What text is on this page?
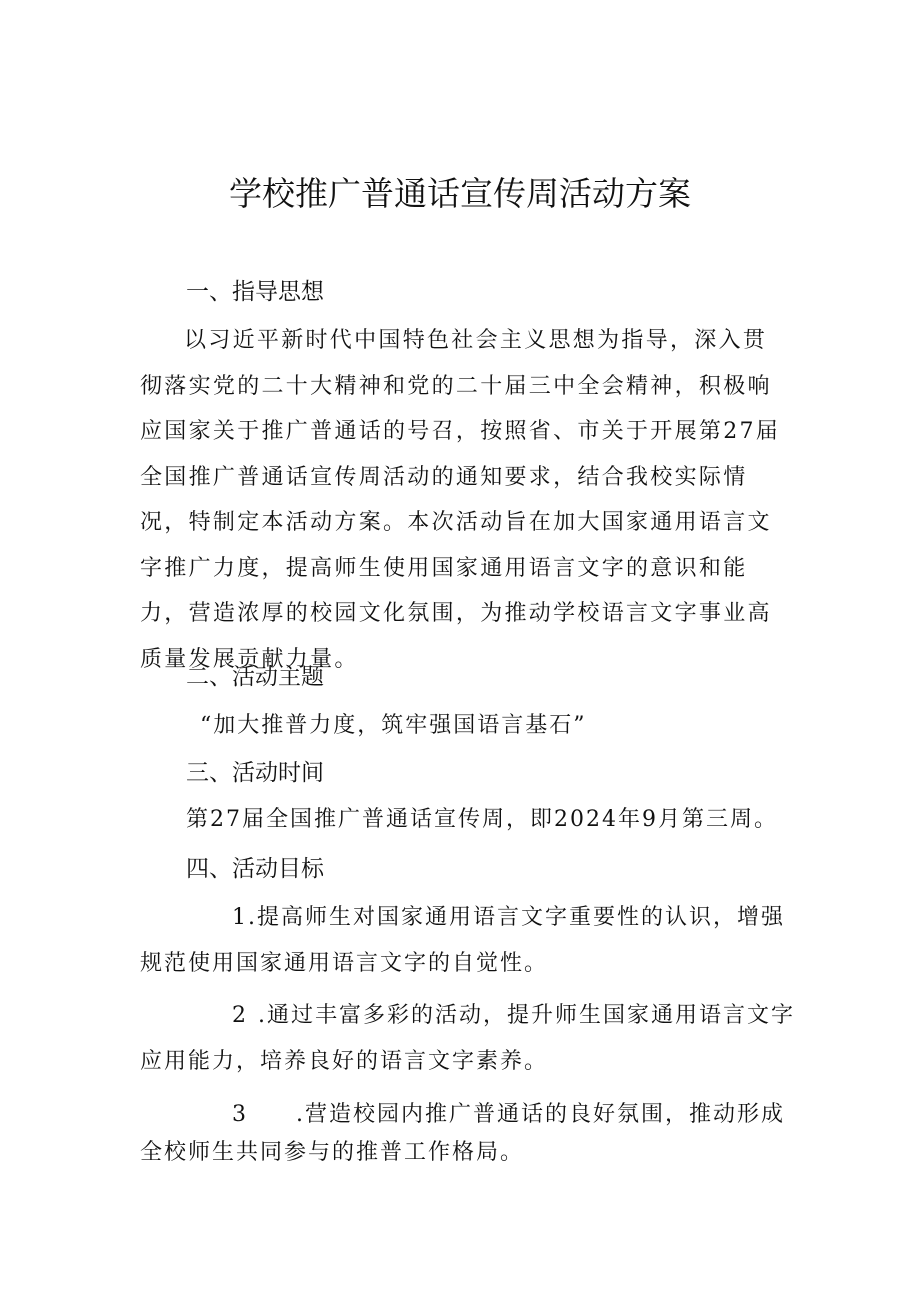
学校推广普通话宣传周活动方案
一、指导思想

以习近平新时代中国特色社会主义思想为指导，深入贯彻落实党的二十大精神和党的二十届三中全会精神，积极响应国家关于推广普通话的号召，按照省、市关于开展第27届全国推广普通话宣传周活动的通知要求，结合我校实际情况，特制定本活动方案。本次活动旨在加大国家通用语言文字推广力度，提高师生使用国家通用语言文字的意识和能力，营造浓厚的校园文化氛围，为推动学校语言文字事业高质量发展贡献力量。

二、活动主题
“加大推普力度，筑牢强国语言基石”
三、活动时间
第27届全国推广普通话宣传周，即2024年9月第三周。
四、活动目标

1.提高师生对国家通用语言文字重要性的认识，增强规范使用国家通用语言文字的自觉性。

2 .通过丰富多彩的活动，提升师生国家通用语言文字应用能力，培养良好的语言文字素养。

3 .营造校园内推广普通话的良好氛围，推动形成全校师生共同参与的推普工作格局。
